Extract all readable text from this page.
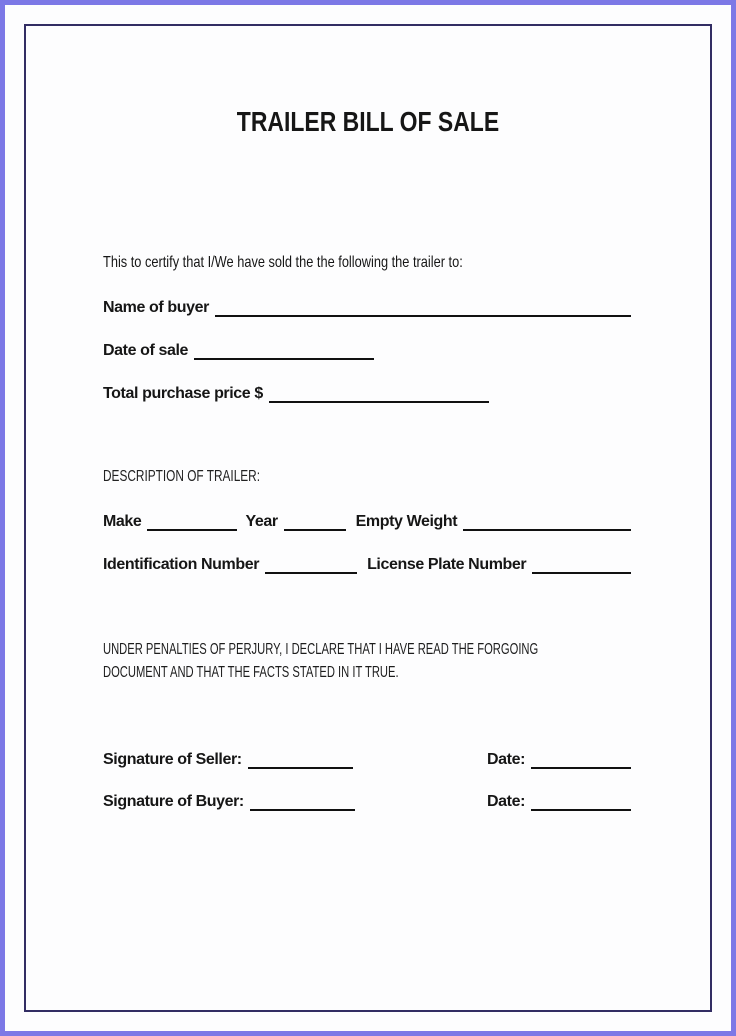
TRAILER BILL OF SALE
This to certify that I/We have sold the the following the trailer to:
Name of buyer
Date of sale
Total purchase price $
DESCRIPTION OF TRAILER:
Make	Year	Empty Weight
Identification Number	License Plate Number
UNDER PENALTIES OF PERJURY, I DECLARE THAT I HAVE READ THE FORGOING
DOCUMENT AND THAT THE FACTS STATED IN IT TRUE.
Signature of Seller:	Date:
Signature of Buyer:	Date:
